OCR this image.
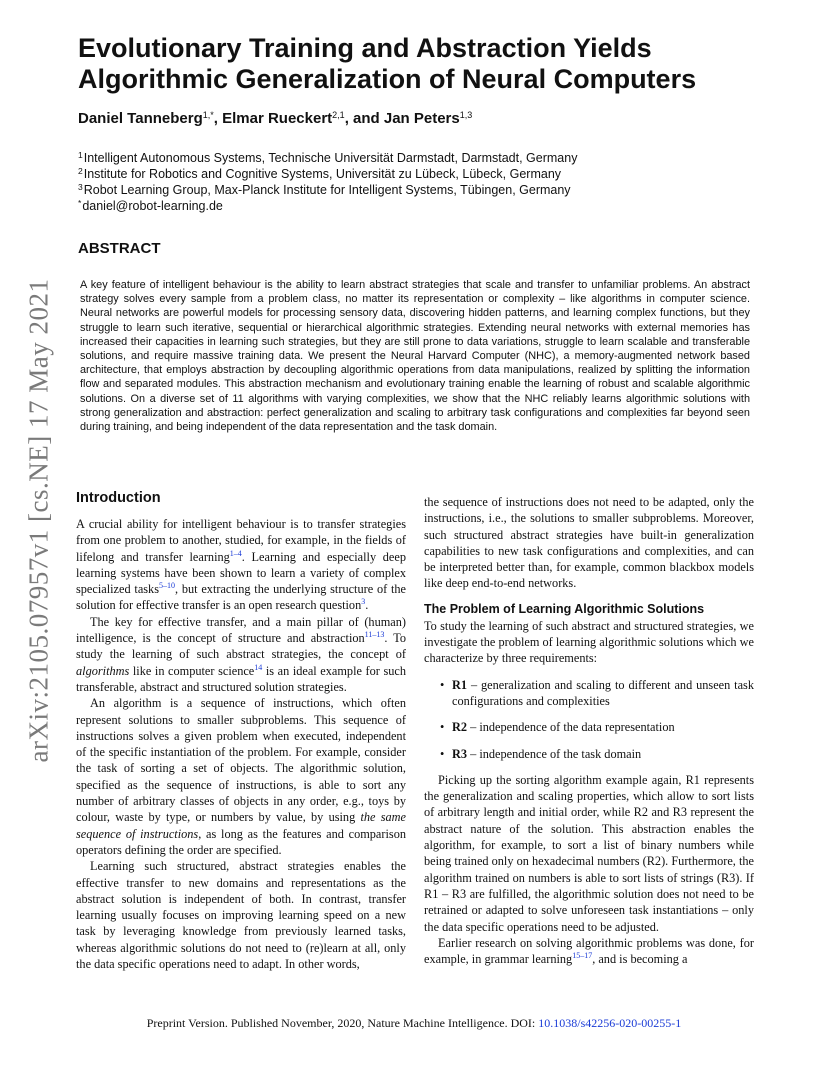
arXiv:2105.07957v1 [cs.NE] 17 May 2021
Evolutionary Training and Abstraction Yields
Algorithmic Generalization of Neural Computers
Daniel Tanneberg$^{1,*}$, Elmar Rueckert$^{2,1}$, and Jan Peters$^{1,3}$
$^1$Intelligent Autonomous Systems, Technische Universität Darmstadt, Darmstadt, Germany
$^2$Institute for Robotics and Cognitive Systems, Universität zu Lübeck, Lübeck, Germany
$^3$Robot Learning Group, Max-Planck Institute for Intelligent Systems, Tübingen, Germany
*daniel@robot-learning.de
ABSTRACT

A key feature of intelligent behaviour is the ability to learn abstract strategies that scale and transfer to unfamiliar problems. An abstract strategy solves every sample from a problem class, no matter its representation or complexity – like algorithms in computer science. Neural networks are powerful models for processing sensory data, discovering hidden patterns, and learning complex functions, but they struggle to learn such iterative, sequential or hierarchical algorithmic strategies. Extending neural networks with external memories has increased their capacities in learning such strategies, but they are still prone to data variations, struggle to learn scalable and transferable solutions, and require massive training data. We present the Neural Harvard Computer (NHC), a memory-augmented network based architecture, that employs abstraction by decoupling algorithmic operations from data manipulations, realized by splitting the information flow and separated modules. This abstraction mechanism and evolutionary training enable the learning of robust and scalable algorithmic solutions. On a diverse set of 11 algorithms with varying complexities, we show that the NHC reliably learns algorithmic solutions with strong generalization and abstraction: perfect generalization and scaling to arbitrary task configurations and complexities far beyond seen during training, and being independent of the data representation and the task domain.

Introduction

A crucial ability for intelligent behaviour is to transfer strategies from one problem to another, studied, for example, in the fields of lifelong and transfer learning$^{1-4}$. Learning and especially deep learning systems have been shown to learn a variety of complex specialized tasks$^{5-10}$, but extracting the underlying structure of the solution for effective transfer is an open research question$^3$.

The key for effective transfer, and a main pillar of (human) intelligence, is the concept of structure and abstraction$^{11-13}$. To study the learning of such abstract strategies, the concept of algorithms like in computer science$^{14}$ is an ideal example for such transferable, abstract and structured solution strategies.

An algorithm is a sequence of instructions, which often represent solutions to smaller subproblems. This sequence of instructions solves a given problem when executed, independent of the specific instantiation of the problem. For example, consider the task of sorting a set of objects. The algorithmic solution, specified as the sequence of instructions, is able to sort any number of arbitrary classes of objects in any order, e.g., toys by colour, waste by type, or numbers by value, by using the same sequence of instructions, as long as the features and comparison operators defining the order are specified.

Learning such structured, abstract strategies enables the effective transfer to new domains and representations as the abstract solution is independent of both. In contrast, transfer learning usually focuses on improving learning speed on a new task by leveraging knowledge from previously learned tasks, whereas algorithmic solutions do not need to (re)learn at all, only the data specific operations need to adapt. In other words,

the sequence of instructions does not need to be adapted, only the instructions, i.e., the solutions to smaller subproblems. Moreover, such structured abstract strategies have built-in generalization capabilities to new task configurations and complexities, and can be interpreted better than, for example, common blackbox models like deep end-to-end networks.

The Problem of Learning Algorithmic Solutions

To study the learning of such abstract and structured strategies, we investigate the problem of learning algorithmic solutions which we characterize by three requirements:

• R1 – generalization and scaling to different and unseen task configurations and complexities
• R2 – independence of the data representation
• R3 – independence of the task domain

Picking up the sorting algorithm example again, R1 represents the generalization and scaling properties, which allow to sort lists of arbitrary length and initial order, while R2 and R3 represent the abstract nature of the solution. This abstraction enables the algorithm, for example, to sort a list of binary numbers while being trained only on hexadecimal numbers (R2). Furthermore, the algorithm trained on numbers is able to sort lists of strings (R3). If R1 – R3 are fulfilled, the algorithmic solution does not need to be retrained or adapted to solve unforeseen task instantiations – only the data specific operations need to be adjusted.

Earlier research on solving algorithmic problems was done, for example, in grammar learning$^{15-17}$, and is becoming a

Preprint Version. Published November, 2020, Nature Machine Intelligence. DOI: 10.1038/s42256-020-00255-1
